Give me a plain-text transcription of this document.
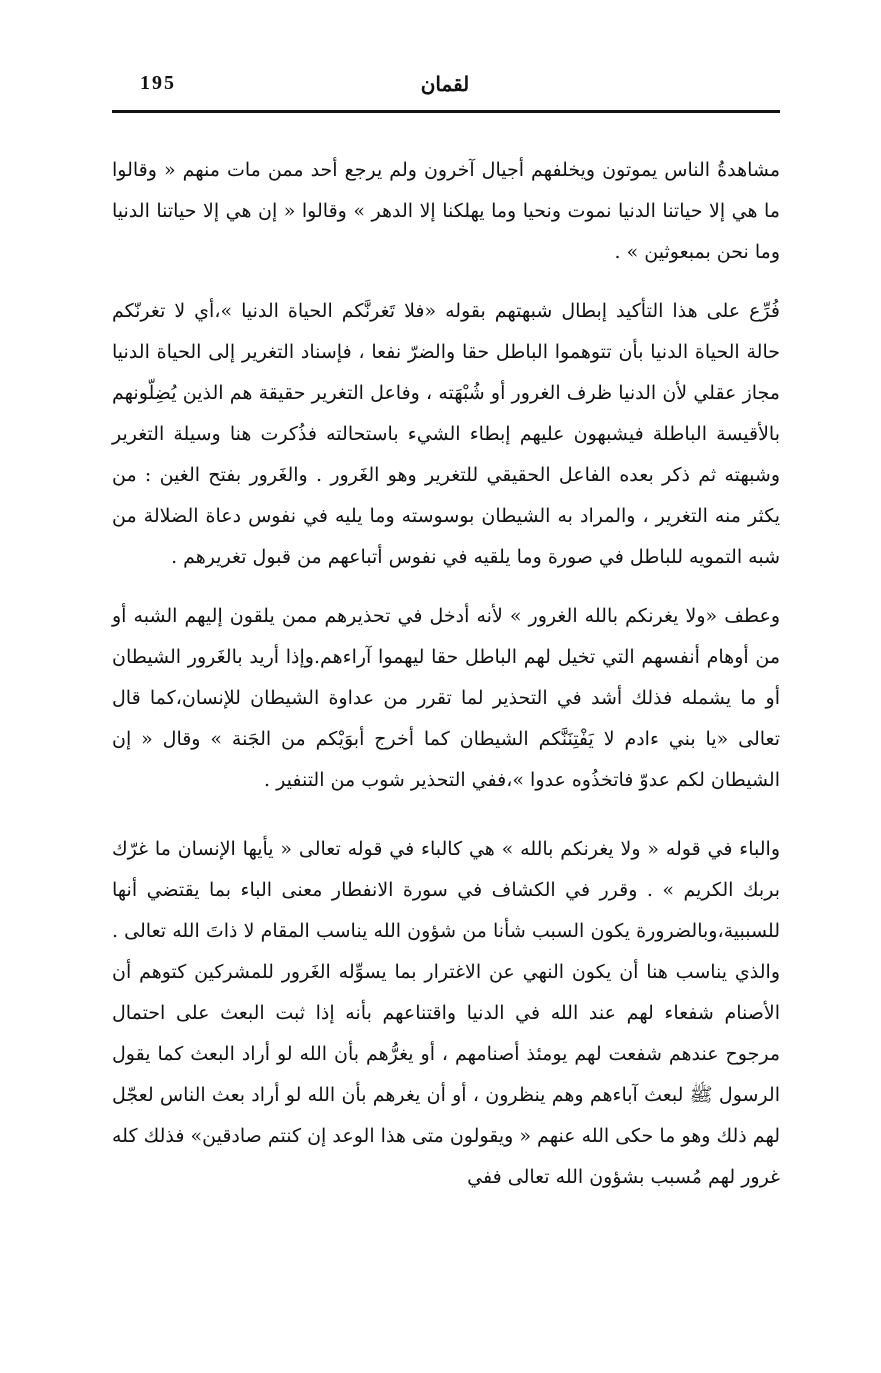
195	لقمان

مشاهدةُ الناس يموتون ويخلفهم أجيال آخرون ولم يرجع أحد ممن مات منهم « وقالوا ما هي إلا حياتنا الدنيا نموت ونحيا وما يهلكنا إلا الدهر » وقالوا « إن هي إلا حياتنا الدنيا وما نحن بمبعوثين » .

فُرِّع على هذا التأكيد إبطال شبهتهم بقوله «فلا تَغرنَّكم الحياة الدنيا »،أي لا تغرنّكم حالة الحياة الدنيا بأن تتوهموا الباطل حقا والضرّ نفعا ، فإسناد التغرير إلى الحياة الدنيا مجاز عقلي لأن الدنيا ظرف الغرور أو شُبْهَته ، وفاعل التغرير حقيقة هم الذين يُضِلّونهم بالأقيسة الباطلة فيشبهون عليهم إبطاء الشيء باستحالته فذُكرت هنا وسيلة التغرير وشبهته ثم ذكر بعده الفاعل الحقيقي للتغرير وهو الغَرور . والغَرور بفتح الغين : من يكثر منه التغرير ، والمراد به الشيطان بوسوسته وما يليه في نفوس دعاة الضلالة من شبه التمويه للباطل في صورة وما يلقيه في نفوس أتباعهم من قبول تغريرهم .

وعطف «ولا يغرنكم بالله الغرور » لأنه أدخل في تحذيرهم ممن يلقون إليهم الشبه أو من أوهام أنفسهم التي تخيل لهم الباطل حقا ليهموا آراءهم.وإذا أريد بالغَرور الشيطان أو ما يشمله فذلك أشد في التحذير لما تقرر من عداوة الشيطان للإنسان،كما قال تعالى «يا بني ءادم لا يَفْتِنَنَّكم الشيطان كما أخرج أبوَيْكم من الجَنة » وقال « إن الشيطان لكم عدوّ فاتخذُوه عدوا »،ففي التحذير شوب من التنفير .

والباء في قوله « ولا يغرنكم بالله » هي كالباء في قوله تعالى « يأيها الإنسان ما غرّك بربك الكريم » . وقرر في الكشاف في سورة الانفطار معنى الباء بما يقتضي أنها للسببية،وبالضرورة يكون السبب شأنا من شؤون الله يناسب المقام لا ذاتَ الله تعالى . والذي يناسب هنا أن يكون النهي عن الاغترار بما يسوِّله الغَرور للمشركين كتوهم أن الأصنام شفعاء لهم عند الله في الدنيا واقتناعهم بأنه إذا ثبت البعث على احتمال مرجوح عندهم شفعت لهم يومئذ أصنامهم ، أو يغرُّهم بأن الله لو أراد البعث كما يقول الرسول ﷺ لبعث آباءهم وهم ينظرون ، أو أن يغرهم بأن الله لو أراد بعث الناس لعجّل لهم ذلك وهو ما حكى الله عنهم « ويقولون متى هذا الوعد إن كنتم صادقين» فذلك كله غرور لهم مُسبب بشؤون الله تعالى ففي
